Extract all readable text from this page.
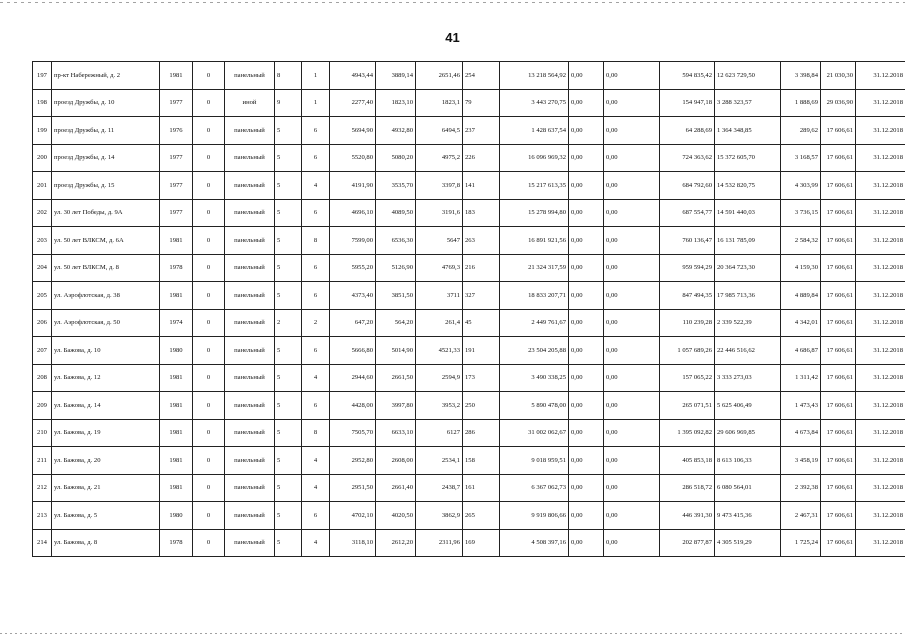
41
197	пр-кт Набережный, д. 2	1981	0	панельный	8	1	4943,44	3889,14	2651,46	254	13 218 564,92	0,00	0,00	594 835,42	12 623 729,50	3 398,84	21 030,30	31.12.2018
198	проезд Дружбы, д. 10	1977	0	иной	9	1	2277,40	1823,10	1823,1	79	3 443 270,75	0,00	0,00	154 947,18	3 288 323,57	1 888,69	29 036,90	31.12.2018
199	проезд Дружбы, д. 11	1976	0	панельный	5	6	5694,90	4932,80	6494,5	237	1 428 637,54	0,00	0,00	64 288,69	1 364 348,85	289,62	17 606,61	31.12.2018
200	проезд Дружбы, д. 14	1977	0	панельный	5	6	5520,80	5080,20	4975,2	226	16 096 969,32	0,00	0,00	724 363,62	15 372 605,70	3 168,57	17 606,61	31.12.2018
201	проезд Дружбы, д. 15	1977	0	панельный	5	4	4191,90	3535,70	3397,8	141	15 217 613,35	0,00	0,00	684 792,60	14 532 820,75	4 303,99	17 606,61	31.12.2018
202	ул. 30 лет Победы, д. 9А	1977	0	панельный	5	6	4696,10	4089,50	3191,6	183	15 278 994,80	0,00	0,00	687 554,77	14 591 440,03	3 736,15	17 606,61	31.12.2018
203	ул. 50 лет ВЛКСМ, д. 6А	1981	0	панельный	5	8	7599,00	6536,30	5647	263	16 891 921,56	0,00	0,00	760 136,47	16 131 785,09	2 584,32	17 606,61	31.12.2018
204	ул. 50 лет ВЛКСМ, д. 8	1978	0	панельный	5	6	5955,20	5126,90	4769,3	216	21 324 317,59	0,00	0,00	959 594,29	20 364 723,30	4 159,30	17 606,61	31.12.2018
205	ул. Аэрофлотская, д. 38	1981	0	панельный	5	6	4373,40	3851,50	3711	327	18 833 207,71	0,00	0,00	847 494,35	17 985 713,36	4 889,84	17 606,61	31.12.2018
206	ул. Аэрофлотская, д. 50	1974	0	панельный	2	2	647,20	564,20	261,4	45	2 449 761,67	0,00	0,00	110 239,28	2 339 522,39	4 342,01	17 606,61	31.12.2018
207	ул. Бажова, д. 10	1980	0	панельный	5	6	5666,80	5014,90	4521,33	191	23 504 205,88	0,00	0,00	1 057 689,26	22 446 516,62	4 686,87	17 606,61	31.12.2018
208	ул. Бажова, д. 12	1981	0	панельный	5	4	2944,60	2661,50	2594,9	173	3 490 338,25	0,00	0,00	157 065,22	3 333 273,03	1 311,42	17 606,61	31.12.2018
209	ул. Бажова, д. 14	1981	0	панельный	5	6	4428,00	3997,80	3953,2	250	5 890 478,00	0,00	0,00	265 071,51	5 625 406,49	1 473,43	17 606,61	31.12.2018
210	ул. Бажова, д. 19	1981	0	панельный	5	8	7505,70	6633,10	6127	286	31 002 062,67	0,00	0,00	1 395 092,82	29 606 969,85	4 673,84	17 606,61	31.12.2018
211	ул. Бажова, д. 20	1981	0	панельный	5	4	2952,80	2608,00	2534,1	158	9 018 959,51	0,00	0,00	405 853,18	8 613 106,33	3 458,19	17 606,61	31.12.2018
212	ул. Бажова, д. 21	1981	0	панельный	5	4	2951,50	2661,40	2438,7	161	6 367 062,73	0,00	0,00	286 518,72	6 080 564,01	2 392,38	17 606,61	31.12.2018
213	ул. Бажова, д. 5	1980	0	панельный	5	6	4702,10	4020,50	3862,9	265	9 919 806,66	0,00	0,00	446 391,30	9 473 415,36	2 467,31	17 606,61	31.12.2018
214	ул. Бажова, д. 8	1978	0	панельный	5	4	3118,10	2612,20	2311,96	169	4 508 397,16	0,00	0,00	202 877,87	4 305 519,29	1 725,24	17 606,61	31.12.2018
